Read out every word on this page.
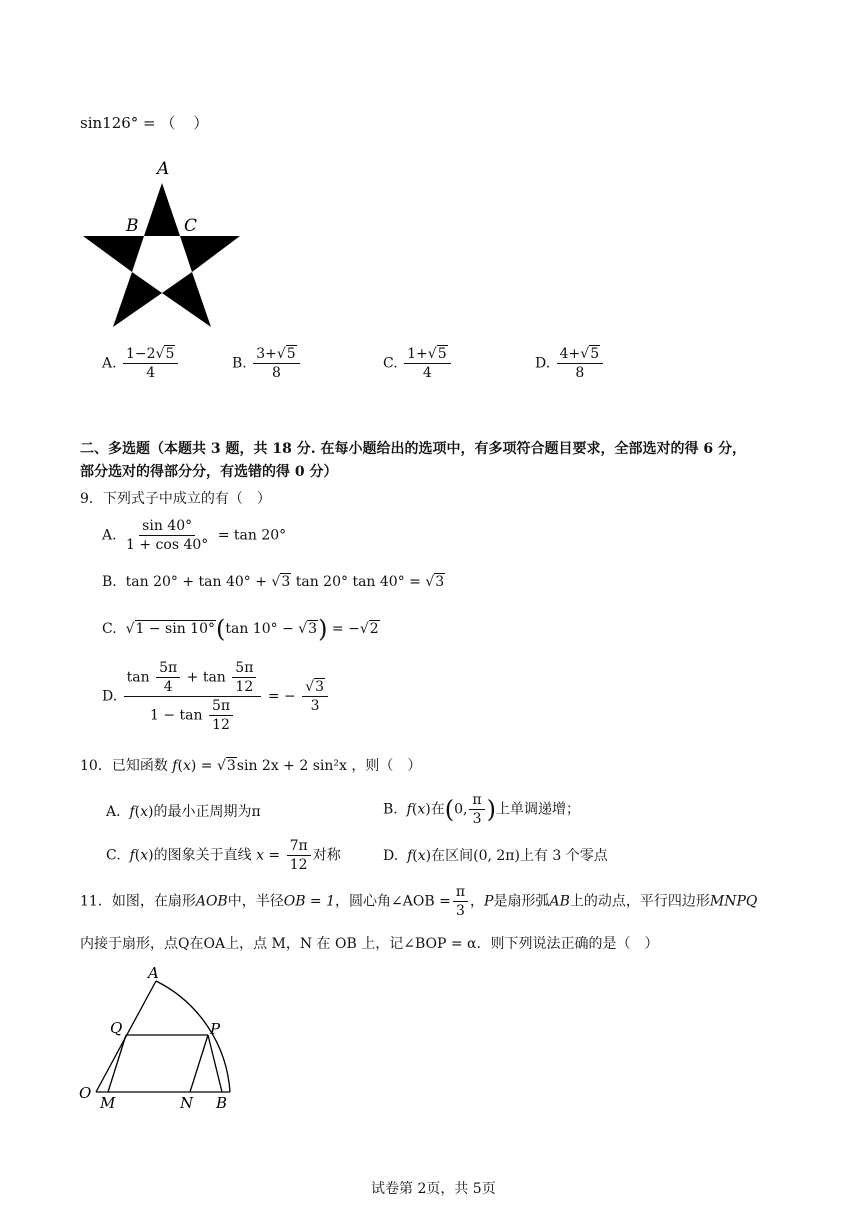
sin126° = （ ）
A
B	C
A. $\frac{1-2√5}{4}$	B. $\frac{3+√5}{8}$	C. $\frac{1+√5}{4}$	D. $\frac{4+√5}{8}$
二、多选题（本题共 3 题，共 18 分. 在每小题给出的选项中，有多项符合题目要求，全部选对的得 6 分，
部分选对的得部分分，有选错的得 0 分）
9．下列式子中成立的有（　）
A. $\frac{\sin 40^\circ}{1 + \cos 40^\circ} = \tan 20^\circ$
B. tan 20° + tan 40° + √3 tan 20° tan 40° = √3
C.  √1 − sin 10°(tan 10° − √3) = −√2
D. $\frac{\tan \frac{5\pi}{4} + \tan \frac{5\pi}{12}}{1 - \tan \frac{5\pi}{12}}$ = − $\frac{√3}{3}$
10．已知函数 f(x) = √3sin 2x + 2 sin²x ，则（　）
A. f(x)的最小正周期为π	B. f(x)在(0, $\frac{\pi}{3}$ )上单调递增；
C. f(x)的图象关于直线 $x = \frac{7\pi}{12}$ 对称	D. f(x)在区间(0, 2π)上有 3 个零点
11．如图，在扇形AOB中，半径OB = 1，圆心角∠AOB = $\frac{\pi}{3}$ ，P是扇形弧AB上的动点，平行四边形MNPQ
内接于扇形，点Q在OA上，点 M，N 在 OB 上，记∠BOP = α．则下列说法正确的是（　）
A
Q	P
O
M	N B
试卷第 2页，共 5页
